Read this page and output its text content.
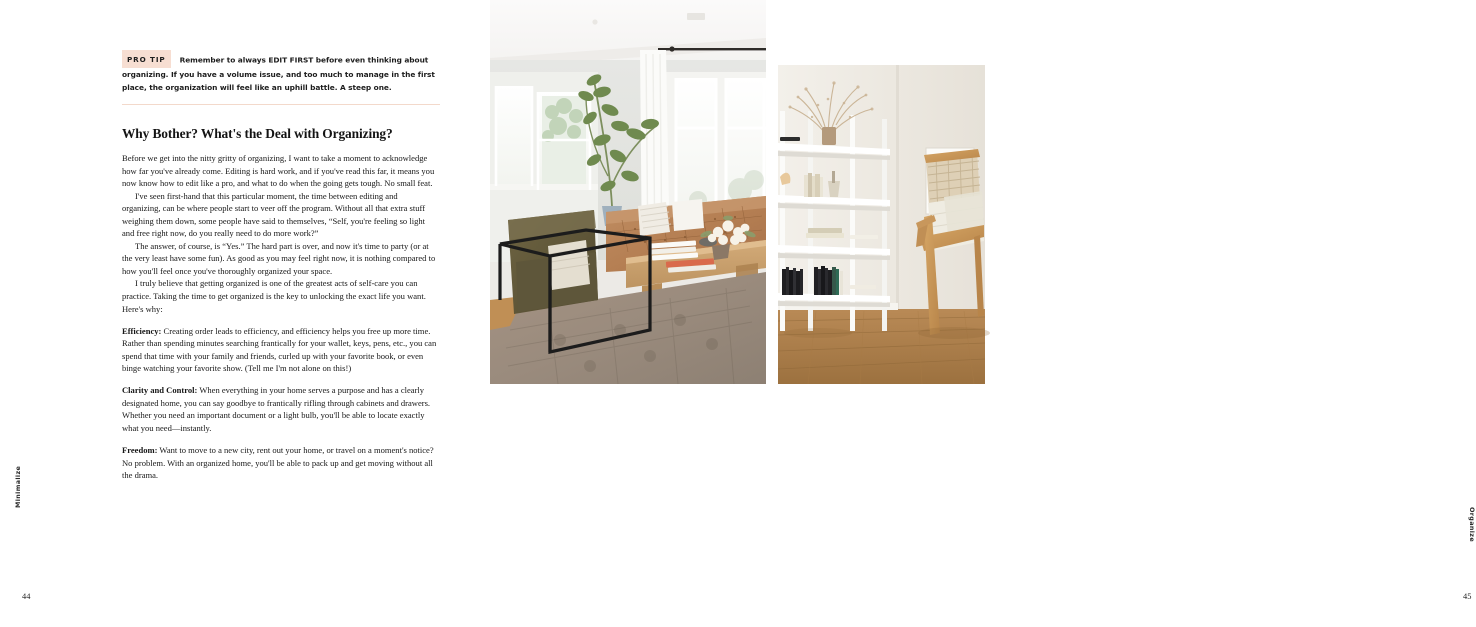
PRO TIP Remember to always EDIT FIRST before even thinking about organizing. If you have a volume issue, and too much to manage in the first place, the organization will feel like an uphill battle. A steep one.
Why Bother? What's the Deal with Organizing?

Before we get into the nitty gritty of organizing, I want to take a moment to acknowledge how far you've already come. Editing is hard work, and if you've read this far, it means you now know how to edit like a pro, and what to do when the going gets tough. No small feat.

I've seen first-hand that this particular moment, the time between editing and organizing, can be where people start to veer off the program. Without all that extra stuff weighing them down, some people have said to themselves, “Self, you're feeling so light and free right now, do you really need to do more work?”

The answer, of course, is “Yes.” The hard part is over, and now it's time to party (or at the very least have some fun). As good as you may feel right now, it is nothing compared to how you'll feel once you've thoroughly organized your space.

I truly believe that getting organized is one of the greatest acts of self-care you can practice. Taking the time to get organized is the key to unlocking the exact life you want. Here's why:

Efficiency: Creating order leads to efficiency, and efficiency helps you free up more time. Rather than spending minutes searching frantically for your wallet, keys, pens, etc., you can spend that time with your family and friends, curled up with your favorite book, or even binge watching your favorite show. (Tell me I'm not alone on this!)

Clarity and Control: When everything in your home serves a purpose and has a clearly designated home, you can say goodbye to frantically rifling through cabinets and drawers. Whether you need an important document or a light bulb, you'll be able to locate exactly what you need—instantly.

Freedom: Want to move to a new city, rent out your home, or travel on a moment's notice? No problem. With an organized home, you'll be able to pack up and get moving without all the drama.

Minimalize
44
Organize
45
